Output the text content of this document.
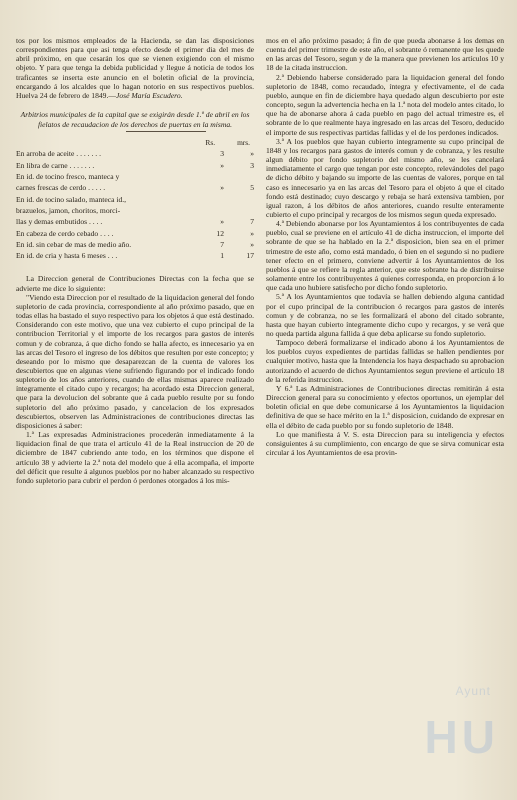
tos por los mismos empleados de la Hacienda, se dan las disposiciones correspondientes para que asi tenga efecto desde el primer dia del mes de abril próximo, en que cesarán los que se vienen exigiendo con el mismo objeto. Y para que tenga la debida publicidad y llegue á noticia de todos los traficantes se inserta este anuncio en el boletin oficial de la provincia, encargando á los alcaldes que lo hagan notorio en sus respectivos pueblos. Huelva 24 de febrero de 1849.—José María Escudero.

Arbitrios municipales de la capital que se exigirán desde 1.º de abril en los fielatos de recaudacion de los derechos de puertas en la misma.

Rs.	mrs.
En arroba de aceite . . . . . . .	3	»
En libra de carne . . . . . . .	»	3
En id. de tocino fresco, manteca y
carnes frescas de cerdo . . . . .	»	5
En id. de tocino salado, manteca id.,
brazuelos, jamon, choritos, morci-
llas y demas embutidos . . . .	»	7
En cabeza de cerdo cebado . . . .	12	»
En id. sin cebar de mas de medio año.	7	»
En id. de cria y hasta 6 meses . . .	1	17

La Direccion general de Contribuciones Directas con la fecha que se advierte me dice lo siguiente:

"Viendo esta Direccion por el resultado de la liquidacion general del fondo supletorio de cada provincia, correspondiente al año próximo pasado, que en todas ellas ha bastado el suyo respectivo para los objetos á que está destinado. Considerando con este motivo, que una vez cubierto el cupo principal de la contribucion Territorial y el importe de los recargos para gastos de interés comun y de cobranza, á que dicho fondo se halla afecto, es innecesario ya en las arcas del Tesoro el ingreso de los débitos que resulten por este concepto; y deseando por lo mismo que desaparezcan de la cuenta de valores los descubiertos que en algunas viene sufriendo figurando por el indicado fondo supletorio de los años anteriores, cuando de ellas mismas aparece realizado íntegramente el citado cupo y recargos; ha acordado esta Direccion general, que para la devolucion del sobrante que á cada pueblo resulte por su fondo supletorio del año próximo pasado, y cancelacion de los expresados descubiertos, observen las Administraciones de contribuciones directas las disposiciones á saber:

1.ª Las expresadas Administraciones procederán inmediatamente á la liquidacion final de que trata el artículo 41 de la Real instruccion de 20 de diciembre de 1847 cubriendo ante todo, en los términos que dispone el artículo 38 y advierte la 2.ª nota del modelo que á ella acompaña, el importe del déficit que resulte á algunos pueblos por no haber alcanzado su respectivo fondo supletorio para cubrir el perdon ó perdones otorgados á los mis-

mos en el año próximo pasado; á fin de que pueda abonarse á los demas en cuenta del primer trimestre de este año, el sobrante ó remanente que les quede en las arcas del Tesoro, segun y de la manera que previenen los artículos 10 y 18 de la citada instruccion.

2.ª Debiendo haberse considerado para la liquidacion general del fondo supletorio de 1848, como recaudado, íntegra y efectivamente, el de cada pueblo, aunque en fin de diciembre haya quedado algun descubierto por este concepto, segun la advertencia hecha en la 1.ª nota del modelo antes citado, lo que ha de abonarse ahora á cada pueblo en pago del actual trimestre es, el sobrante de lo que realmente haya ingresado en las arcas del Tesoro, deducido el importe de sus respectivas partidas fallidas y el de los perdones indicados.

3.ª A los pueblos que hayan cubierto integramente su cupo principal de 1848 y los recargos para gastos de interés comun y de cobranza, y les resulte algun débito por fondo supletorio del mismo año, se les cancelará inmediatamente el cargo que tengan por este concepto, relevándoles del pago de dicho débito y bajando su importe de las cuentas de valores, porque en tal caso es innecesario ya en las arcas del Tesoro para el objeto á que el citado fondo está destinado; cuyo descargo y rebaja se hará extensiva tambien, por igual razon, á los débitos de años anteriores, cuando resulte enteramente cubierto el cupo principal y recargos de los mismos segun queda expresado.

4.ª Debiendo abonarse por los Ayuntamientos á los contribuyentes de cada pueblo, cual se previene en el artículo 41 de dicha instruccion, el importe del sobrante de que se ha hablado en la 2.ª disposicion, bien sea en el primer trimestre de este año, como está mandado, ó bien en el segundo si no pudiere tener efecto en el primero, conviene advertir á los Ayuntamientos de los pueblos á que se refiere la regla anterior, que este sobrante ha de distribuirse solamente entre los contribuyentes á quienes corresponda, en proporcion á lo que cada uno hubiere satisfecho por dicho fondo supletorio.

5.ª A los Ayuntamientos que todavía se hallen debiendo alguna cantidad por el cupo principal de la contribucion ó recargos para gastos de interés comun y de cobranza, no se les formalizará el abono del citado sobrante, hasta que hayan cubierto íntegramente dicho cupo y recargos, y se verá que no queda partida alguna fallida á que deba aplicarse su fondo supletorio.

Tampoco deberá formalizarse el indicado abono á los Ayuntamientos de los pueblos cuyos expedientes de partidas fallidas se hallen pendientes por cualquier motivo, hasta que la Intendencia los haya despachado su aprobacion autorizando el acuerdo de dichos Ayuntamientos segun previene el artículo 18 de la referida instruccion.

Y 6.ª Las Administraciones de Contribuciones directas remitirán á esta Direccion general para su conocimiento y efectos oportunos, un ejemplar del boletin oficial en que debe comunicarse á los Ayuntamientos la liquidacion definitiva de que se hace mérito en la 1.ª disposicion, cuidando de expresar en ella el débito de cada pueblo por su fondo supletorio de 1848.

Lo que manifiesta á V. S. esta Direccion para su inteligencia y efectos consiguientes á su cumplimiento, con encargo de que se sirva comunicar esta circular á los Ayuntamientos de esa provin-

Ayunt
HU
